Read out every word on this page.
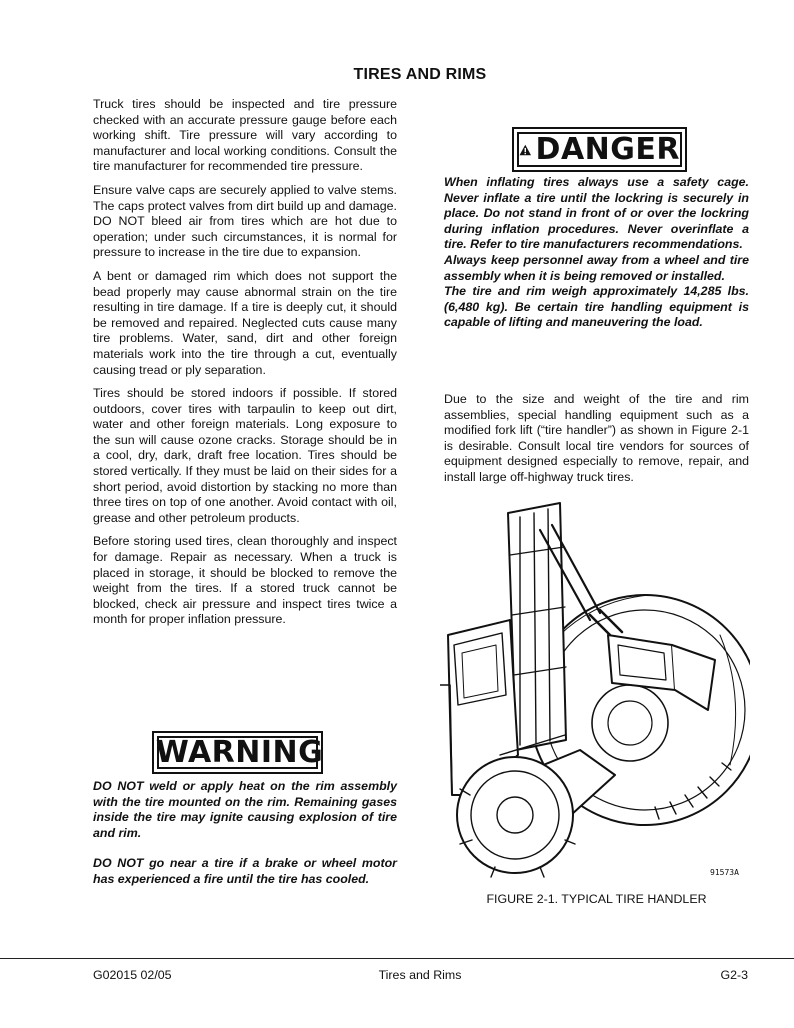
TIRES AND RIMS

Truck tires should be inspected and tire pressure checked with an accurate pressure gauge before each working shift. Tire pressure will vary according to manufacturer and local working conditions. Consult the tire manufacturer for recommended tire pressure.

Ensure valve caps are securely applied to valve stems. The caps protect valves from dirt build up and damage. DO NOT bleed air from tires which are hot due to operation; under such circumstances, it is normal for pressure to increase in the tire due to expansion.

A bent or damaged rim which does not support the bead properly may cause abnormal strain on the tire resulting in tire damage. If a tire is deeply cut, it should be removed and repaired. Neglected cuts cause many tire problems. Water, sand, dirt and other foreign materials work into the tire through a cut, eventually causing tread or ply separation.

Tires should be stored indoors if possible. If stored outdoors, cover tires with tarpaulin to keep out dirt, water and other foreign materials. Long exposure to the sun will cause ozone cracks. Storage should be in a cool, dry, dark, draft free location. Tires should be stored vertically. If they must be laid on their sides for a short period, avoid distortion by stacking no more than three tires on top of one another. Avoid contact with oil, grease and other petroleum products.

Before storing used tires, clean thoroughly and inspect for damage. Repair as necessary. When a truck is placed in storage, it should be blocked to remove the weight from the tires. If a stored truck cannot be blocked, check air pressure and inspect tires twice a month for proper inflation pressure.

WARNING

DO NOT weld or apply heat on the rim assembly with the tire mounted on the rim. Remaining gases inside the tire may ignite causing explosion of tire and rim.

DO NOT go near a tire if a brake or wheel motor has experienced a fire until the tire has cooled.

DANGER

When inflating tires always use a safety cage. Never inflate a tire until the lockring is securely in place. Do not stand in front of or over the lockring during inflation procedures. Never overinflate a tire. Refer to tire manufacturers recommendations.

Always keep personnel away from a wheel and tire assembly when it is being removed or installed.

The tire and rim weigh approximately 14,285 lbs. (6,480 kg). Be certain tire handling equipment is capable of lifting and maneuvering the load.

Due to the size and weight of the tire and rim assemblies, special handling equipment such as a modified fork lift (“tire handler”) as shown in Figure 2-1 is desirable. Consult local tire vendors for sources of equipment designed especially to remove, repair, and install large off-highway truck tires.
91573A
FIGURE 2-1. TYPICAL TIRE HANDLER
G02015 02/05	Tires and Rims	G2-3
